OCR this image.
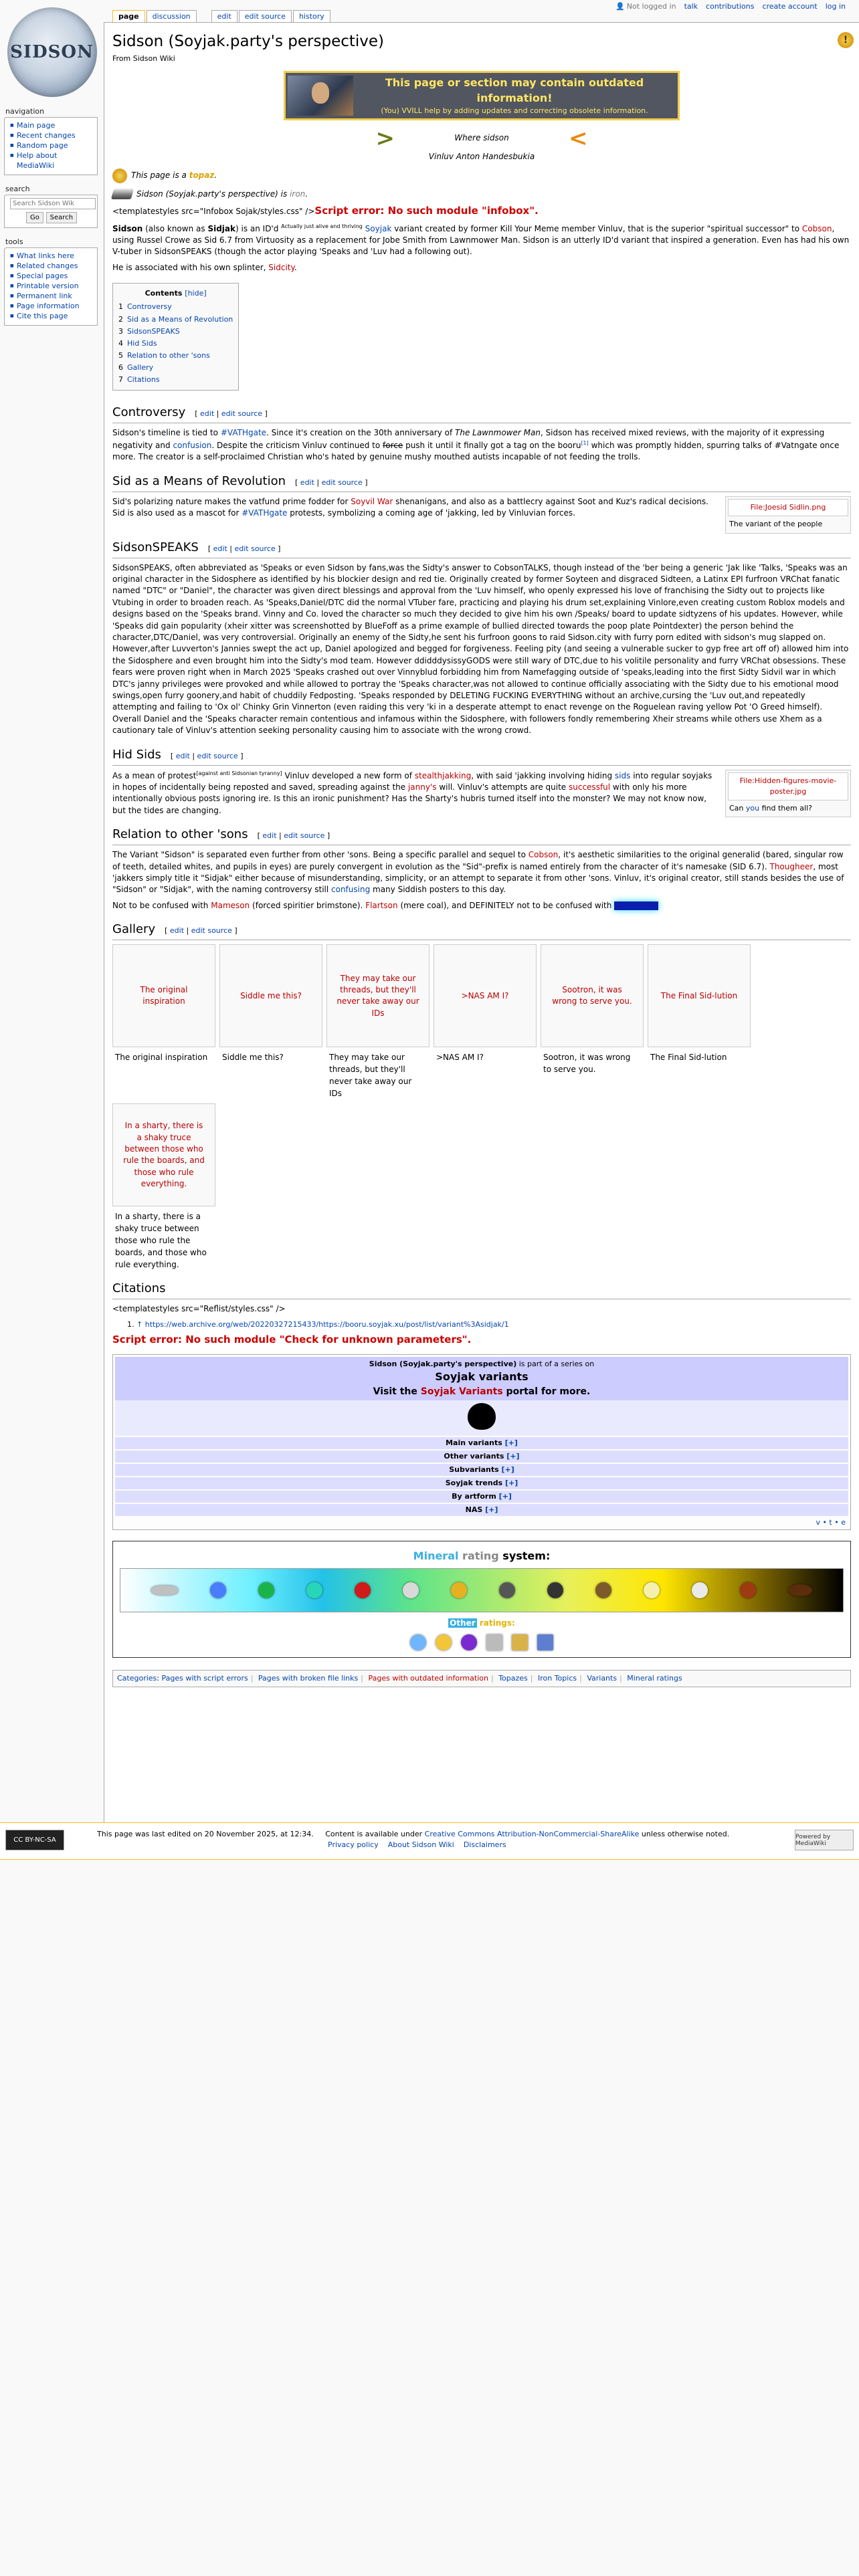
👤 Not logged in talk contributions create account log in
SIDSON
page	discussion	edit	edit source	history
navigation
■ Main page
■ Recent changes
■ Random page
■ Help about MediaWiki
search
Search Sidson Wik
Go Search
tools
■ What links here
■ Related changes
■ Special pages
■ Printable version
■ Permanent link
■ Page information
■ Cite this page
!
Sidson (Soyjak.party's perspective)
From Sidson Wiki
This page or section may contain outdated information!
(You) VVILL help by adding updates and correcting obsolete information.
>	Where sidson	<
Vinluv Anton Handesbukia
This page is a topaz.
Sidson (Soyjak.party's perspective) is iron.

<templatestyles src="Infobox Sojak/styles.css" />Script error: No such module "infobox".

Sidson (also known as Sidjak) is an ID'd $^{Actually just alive and thriving}$ Soyjak variant created by former Kill Your Meme member Vinluv, that is the superior "spiritual successor" to Cobson, using Russel Crowe as Sid 6.7 from Virtuosity as a replacement for Jobe Smith from Lawnmower Man. Sidson is an utterly ID'd variant that inspired a generation. Even has had his own V-tuber in SidsonSPEAKS (though the actor playing 'Speaks and 'Luv had a following out).

He is associated with his own splinter, Sidcity.

Contents [hide]
1 Controversy
2 Sid as a Means of Revolution
3 SidsonSPEAKS
4 Hid Sids
5 Relation to other 'sons
6 Gallery
7 Citations
Controversy [ edit | edit source ]

Sidson's timeline is tied to #VATHgate. Since it's creation on the 30th anniversary of The Lawnmower Man, Sidson has received mixed reviews, with the majority of it expressing negativity and confusion. Despite the criticism Vinluv continued to force push it until it finally got a tag on the booru[1] which was promptly hidden, spurring talks of #Vatngate once more. The creator is a self-proclaimed Christian who's hated by genuine mushy mouthed autists incapable of not feeding the trolls.

Sid as a Means of Revolution [ edit | edit source ]
File:Joesid Sidlin.png
The variant of the people

Sid's polarizing nature makes the vatfund prime fodder for Soyvil War shenanigans, and also as a battlecry against Soot and Kuz's radical decisions. Sid is also used as a mascot for #VATHgate protests, symbolizing a coming age of 'jakking, led by Vinluvian forces.

SidsonSPEAKS [ edit | edit source ]

SidsonSPEAKS, often abbreviated as 'Speaks or even Sidson by fans,was the Sidty's answer to CobsonTALKS, though instead of the 'ber being a generic 'Jak like 'Talks, 'Speaks was an original character in the Sidosphere as identified by his blockier design and red tie. Originally created by former Soyteen and disgraced Sidteen, a Latinx EPI furfroon VRChat fanatic named "DTC" or "Daniel", the character was given direct blessings and approval from the 'Luv himself, who openly expressed his love of franchising the Sidty out to projects like Vtubing in order to broaden reach. As 'Speaks,Daniel/DTC did the normal VTuber fare, practicing and playing his drum set,explaining Vinlore,even creating custom Roblox models and designs based on the 'Speaks brand. Vinny and Co. loved the character so much they decided to give him his own /Speaks/ board to update sidtyzens of his updates. However, while 'Speaks did gain popularity (xheir xitter was screenshotted by BlueFoff as a prime example of bullied directed towards the poop plate Pointdexter) the person behind the character,DTC/Daniel, was very controversial. Originally an enemy of the Sidty,he sent his furfroon goons to raid Sidson.city with furry porn edited with sidson's mug slapped on. However,after Luvverton's Jannies swept the act up, Daniel apologized and begged for forgiveness. Feeling pity (and seeing a vulnerable sucker to gyp free art off of) allowed him into the Sidosphere and even brought him into the Sidty's mod team. However ddidddysissyGODS were still wary of DTC,due to his volitile personality and furry VRChat obsessions. These fears were proven right when in March 2025 'Speaks crashed out over Vinnyblud forbidding him from Namefagging outside of 'speaks,leading into the first Sidty Sidvil war in which DTC's janny privileges were provoked and while allowed to portray the 'Speaks character,was not allowed to continue officially associating with the Sidty due to his emotional mood swings,open furry goonery,and habit of chuddily Fedposting. 'Speaks responded by DELETING FUCKING EVERYTHING without an archive,cursing the 'Luv out,and repeatedly attempting and failing to 'Ox ol' Chinky Grin Vinnerton (even raiding this very 'ki in a desperate attempt to enact revenge on the Roguelean raving yellow Pot 'O Greed himself). Overall Daniel and the 'Speaks character remain contentious and infamous within the Sidosphere, with followers fondly remembering Xheir streams while others use Xhem as a cautionary tale of Vinluv's attention seeking personality causing him to associate with the wrong crowd.

Hid Sids [ edit | edit source ]
File:Hidden-figures-movie-poster.jpg
Can you find them all?

As a mean of protest[against anti Sidsonian tyranny] Vinluv developed a new form of stealthjakking, with said 'jakking involving hiding sids into regular soyjaks in hopes of incidentally being reposted and saved, spreading against the janny's will. Vinluv's attempts are quite successful with only his more intentionally obvious posts ignoring ire. Is this an ironic punishment? Has the Sharty's hubris turned itself into the monster? We may not know now, but the tides are changing.

Relation to other 'sons [ edit | edit source ]

The Variant "Sidson" is separated even further from other 'sons. Being a specific parallel and sequel to Cobson, it's aesthetic similarities to the original generalid (bared, singular row of teeth, detailed whites, and pupils in eyes) are purely convergent in evolution as the "Sid"-prefix is named entirely from the character of it's namesake (SID 6.7). Thougheer, most 'jakkers simply title it "Sidjak" either because of misunderstanding, simplicity, or an attempt to separate it from other 'sons. Vinluv, it's original creator, still stands besides the use of "Sidson" or "Sidjak", with the naming controversy still confusing many Siddish posters to this day.

Not to be confused with Mameson (forced spiritier brimstone). Flartson (mere coal), and DEFINITELY not to be confused with

Gallery [ edit | edit source ]
The original inspiration
The original inspiration
Siddle me this?
Siddle me this?
They may take our threads, but they'll never take away our IDs
They may take our threads, but they'll never take away our IDs
>NAS AM I?
>NAS AM I?
Sootron, it was wrong to serve you.
Sootron, it was wrong to serve you.
The Final Sid-lution
The Final Sid-lution
In a sharty, there is a shaky truce between those who rule the boards, and those who rule everything.
In a sharty, there is a shaky truce between those who rule the boards, and those who rule everything.
Citations

<templatestyles src="Reflist/styles.css" />

1. ↑ https://web.archive.org/web/20220327215433/https://booru.soyjak.xu/post/list/variant%3Asidjak/1

Script error: No such module "Check for unknown parameters".

Sidson (Soyjak.party's perspective) is part of a series on
Soyjak variants
Visit the Soyjak Variants portal for more.
Main variants [+]
Other variants [+]
Subvariants [+]
Soyjak trends [+]
By artform [+]
NAS [+]
v • t • e
Mineral rating system:
Other ratings:
Categories: Pages with script errors | Pages with broken file links | Pages with outdated information | Topazes | Iron Topics | Variants | Mineral ratings
CC BY-NC-SA
This page was last edited on 20 November 2025, at 12:34. Content is available under Creative Commons Attribution-NonCommercial-ShareAlike unless otherwise noted.
Privacy policy About Sidson Wiki Disclaimers
Powered by MediaWiki
